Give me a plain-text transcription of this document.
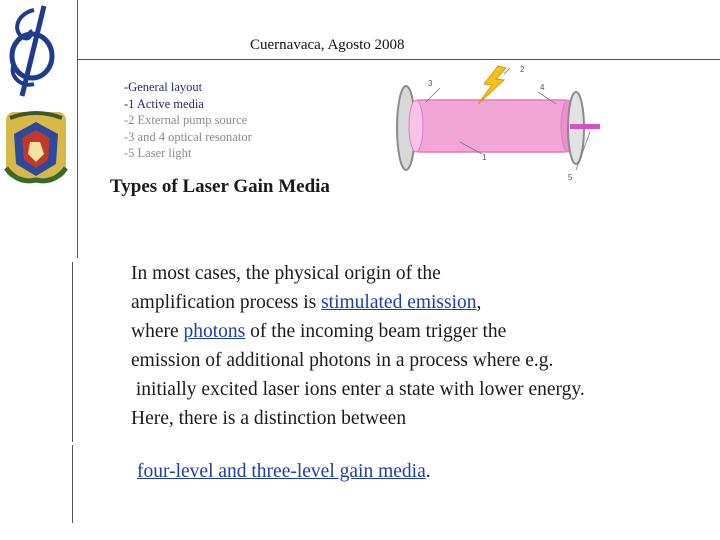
Cuernavaca, Agosto 2008
-General layout
-1 Active media
-2 External pump source
-3 and 4 optical resonator
-5 Laser light
3
2
4
1
5
Types of Laser Gain Media
In most cases, the physical origin of the
amplification process is stimulated emission,
where photons of the incoming beam trigger the
emission of additional photons in a process where e.g.
initially excited laser ions enter a state with lower energy.
Here, there is a distinction between
four-level and three-level gain media.
